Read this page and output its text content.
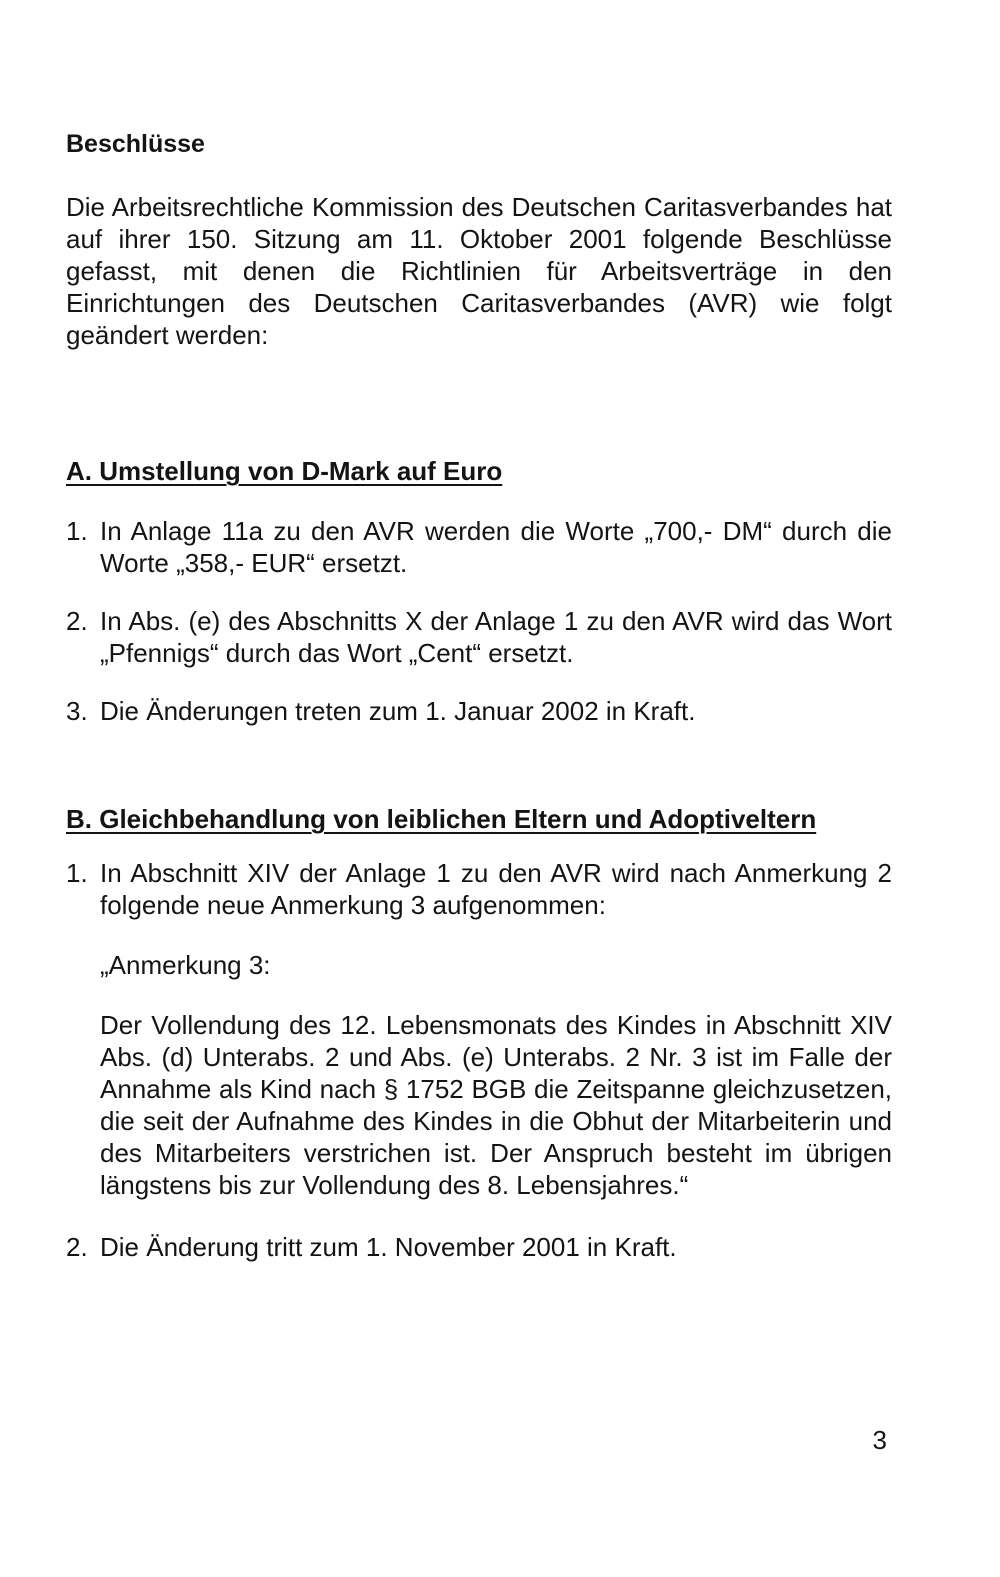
Beschlüsse

Die Arbeitsrechtliche Kommission des Deutschen Caritasverbandes hat auf ihrer 150. Sitzung am 11. Oktober 2001 folgende Beschlüsse gefasst, mit denen die Richtlinien für Arbeitsverträge in den Einrichtungen des Deutschen Caritasverbandes (AVR) wie folgt geändert werden:

A. Umstellung von D-Mark auf Euro
1. In Anlage 11a zu den AVR werden die Worte „700,- DM“ durch die Worte „358,- EUR“ ersetzt.
2. In Abs. (e) des Abschnitts X der Anlage 1 zu den AVR wird das Wort „Pfennigs“ durch das Wort „Cent“ ersetzt.
3. Die Änderungen treten zum 1. Januar 2002 in Kraft.
B. Gleichbehandlung von leiblichen Eltern und Adoptiveltern
1. In Abschnitt XIV der Anlage 1 zu den AVR wird nach Anmerkung 2 folgende neue Anmerkung 3 aufgenommen:

„Anmerkung 3:

Der Vollendung des 12. Lebensmonats des Kindes in Abschnitt XIV Abs. (d) Unterabs. 2 und Abs. (e) Unterabs. 2 Nr. 3 ist im Falle der Annahme als Kind nach § 1752 BGB die Zeitspanne gleichzusetzen, die seit der Aufnahme des Kindes in die Obhut der Mitarbeiterin und des Mitarbeiters verstrichen ist. Der Anspruch besteht im übrigen längstens bis zur Vollendung des 8. Lebensjahres.“

2. Die Änderung tritt zum 1. November 2001 in Kraft.
3
